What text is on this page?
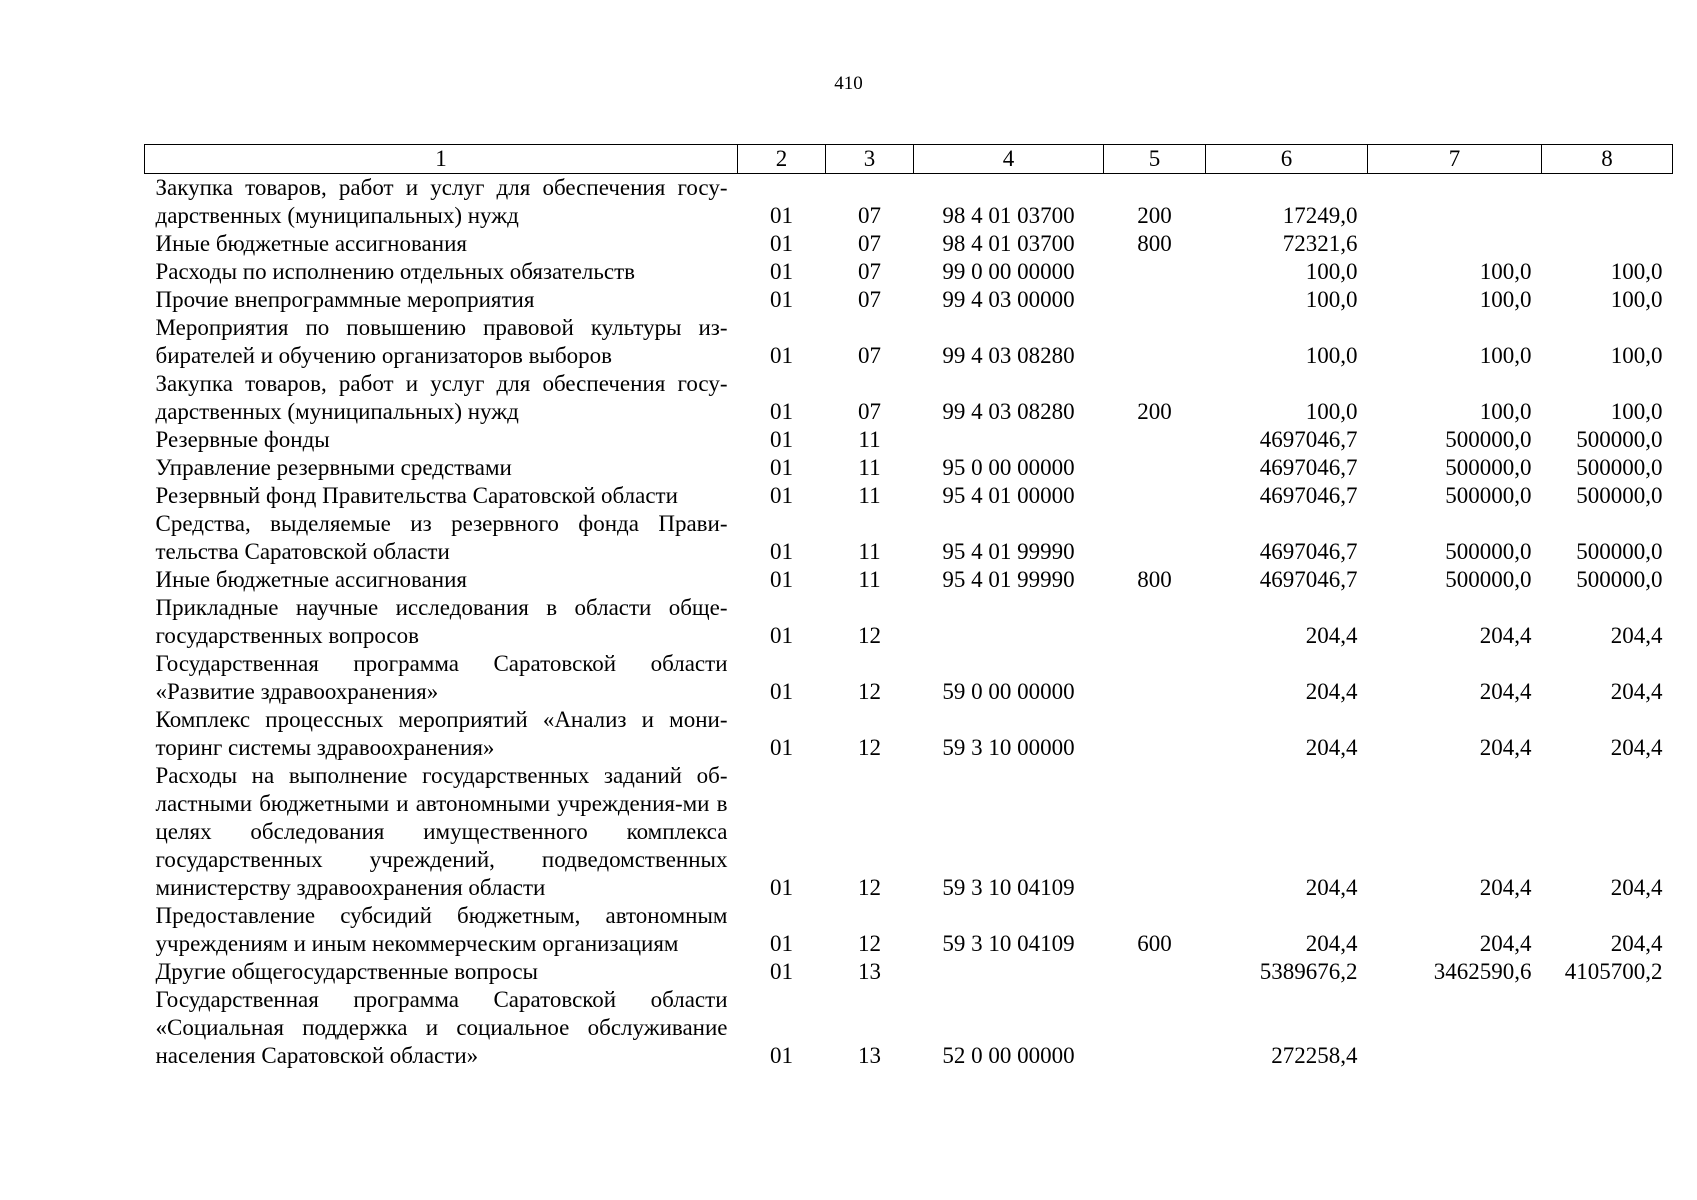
410
1	2	3	4	5	6	7	8
Закупка товаров, работ и услуг для обеспечения госу-дарственных (муниципальных) нужд	01	07	98 4 01 03700	200	17249,0		
Иные бюджетные ассигнования	01	07	98 4 01 03700	800	72321,6		
Расходы по исполнению отдельных обязательств	01	07	99 0 00 00000		100,0	100,0	100,0
Прочие внепрограммные мероприятия	01	07	99 4 03 00000		100,0	100,0	100,0
Мероприятия по повышению правовой культуры из-бирателей и обучению организаторов выборов	01	07	99 4 03 08280		100,0	100,0	100,0
Закупка товаров, работ и услуг для обеспечения госу-дарственных (муниципальных) нужд	01	07	99 4 03 08280	200	100,0	100,0	100,0
Резервные фонды	01	11			4697046,7	500000,0	500000,0
Управление резервными средствами	01	11	95 0 00 00000		4697046,7	500000,0	500000,0
Резервный фонд Правительства Саратовской области	01	11	95 4 01 00000		4697046,7	500000,0	500000,0
Средства, выделяемые из резервного фонда Прави-тельства Саратовской области	01	11	95 4 01 99990		4697046,7	500000,0	500000,0
Иные бюджетные ассигнования	01	11	95 4 01 99990	800	4697046,7	500000,0	500000,0
Прикладные научные исследования в области обще-государственных вопросов	01	12			204,4	204,4	204,4
Государственная программа Саратовской области «Развитие здравоохранения»	01	12	59 0 00 00000		204,4	204,4	204,4
Комплекс процессных мероприятий «Анализ и мони-торинг системы здравоохранения»	01	12	59 3 10 00000		204,4	204,4	204,4
Расходы на выполнение государственных заданий об-ластными бюджетными и автономными учреждения-ми в целях обследования имущественного комплекса государственных учреждений, подведомственных министерству здравоохранения области	01	12	59 3 10 04109		204,4	204,4	204,4
Предоставление субсидий бюджетным, автономным учреждениям и иным некоммерческим организациям	01	12	59 3 10 04109	600	204,4	204,4	204,4
Другие общегосударственные вопросы	01	13			5389676,2	3462590,6	4105700,2
Государственная программа Саратовской области «Социальная поддержка и социальное обслуживание населения Саратовской области»	01	13	52 0 00 00000		272258,4		
